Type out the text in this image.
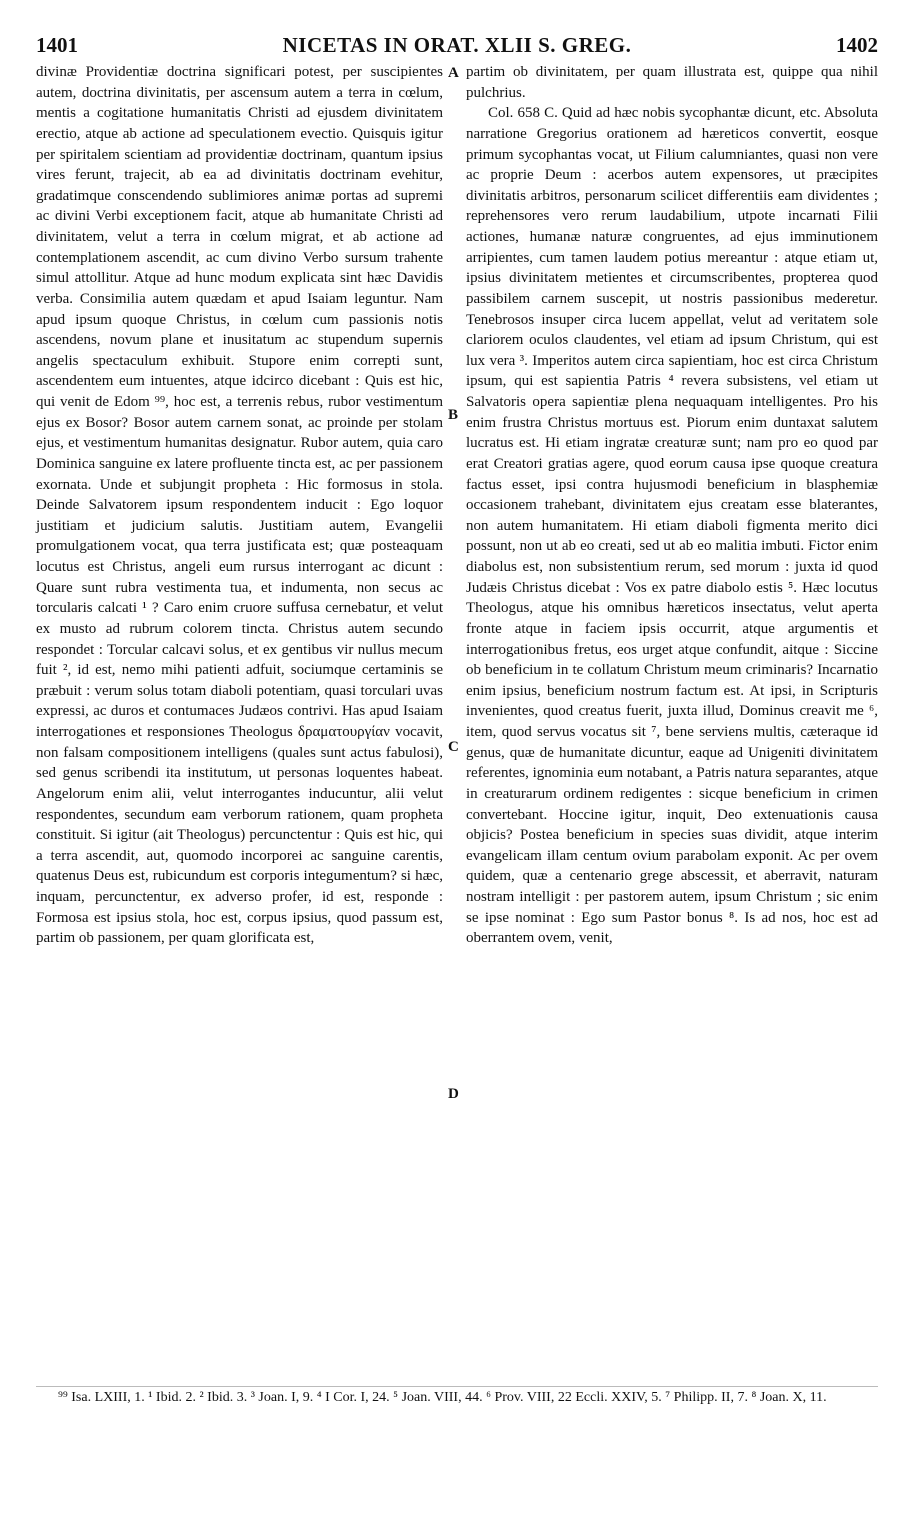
1401	NICETAS IN ORAT. XLII S. GREG.	1402

divinæ Providentiæ doctrina significari potest, per suscipientes autem, doctrina divinitatis, per ascensum autem a terra in cœlum, mentis a cogitatione humanitatis Christi ad ejusdem divinitatem erectio, atque ab actione ad speculationem evectio. Quisquis igitur per spiritalem scientiam ad providentiæ doctrinam, quantum ipsius vires ferunt, trajecit, ab ea ad divinitatis doctrinam evehitur, gradatimque conscendendo sublimiores animæ portas ad supremi ac divini Verbi exceptionem facit, atque ab humanitate Christi ad divinitatem, velut a terra in cœlum migrat, et ab actione ad contemplationem ascendit, ac cum divino Verbo sursum trahente simul attollitur. Atque ad hunc modum explicata sint hæc Davidis verba. Consimilia autem quædam et apud Isaiam leguntur. Nam apud ipsum quoque Christus, in cœlum cum passionis notis ascendens, novum plane et inusitatum ac stupendum supernis angelis spectaculum exhibuit. Stupore enim correpti sunt, ascendentem eum intuentes, atque idcirco dicebant : Quis est hic, qui venit de Edom ⁹⁹, hoc est, a terrenis rebus, rubor vestimentum ejus ex Bosor? Bosor autem carnem sonat, ac proinde per stolam ejus, et vestimentum humanitas designatur. Rubor autem, quia caro Dominica sanguine ex latere profluente tincta est, ac per passionem exornata. Unde et subjungit propheta : Hic formosus in stola. Deinde Salvatorem ipsum respondentem inducit : Ego loquor justitiam et judicium salutis. Justitiam autem, Evangelii promulgationem vocat, qua terra justificata est; quæ posteaquam locutus est Christus, angeli eum rursus interrogant ac dicunt : Quare sunt rubra vestimenta tua, et indumenta, non secus ac torcularis calcati ¹ ? Caro enim cruore suffusa cernebatur, et velut ex musto ad rubrum colorem tincta. Christus autem secundo respondet : Torcular calcavi solus, et ex gentibus vir nullus mecum fuit ², id est, nemo mihi patienti adfuit, sociumque certaminis se præbuit : verum solus totam diaboli potentiam, quasi torculari uvas expressi, ac duros et contumaces Judæos contrivi. Has apud Isaiam interrogationes et responsiones Theologus δραματουργίαν vocavit, non falsam compositionem intelligens (quales sunt actus fabulosi), sed genus scribendi ita institutum, ut personas loquentes habeat. Angelorum enim alii, velut interrogantes inducuntur, alii velut respondentes, secundum eam verborum rationem, quam propheta constituit. Si igitur (ait Theologus) percunctentur : Quis est hic, qui a terra ascendit, aut, quomodo incorporei ac sanguine carentis, quatenus Deus est, rubicundum est corporis integumentum? si hæc, inquam, percunctentur, ex adverso profer, id est, responde : Formosa est ipsius stola, hoc est, corpus ipsius, quod passum est, partim ob passionem, per quam glorificata est,

A
B
C
D

partim ob divinitatem, per quam illustrata est, quippe qua nihil pulchrius.

Col. 658 C. Quid ad hæc nobis sycophantæ dicunt, etc. Absoluta narratione Gregorius orationem ad hæreticos convertit, eosque primum sycophantas vocat, ut Filium calumniantes, quasi non vere ac proprie Deum : acerbos autem expensores, ut præcipites divinitatis arbitros, personarum scilicet differentiis eam dividentes ; reprehensores vero rerum laudabilium, utpote incarnati Filii actiones, humanæ naturæ congruentes, ad ejus imminutionem arripientes, cum tamen laudem potius mereantur : atque etiam ut, ipsius divinitatem metientes et circumscribentes, propterea quod passibilem carnem suscepit, ut nostris passionibus mederetur. Tenebrosos insuper circa lucem appellat, velut ad veritatem sole clariorem oculos claudentes, vel etiam ad ipsum Christum, qui est lux vera ³. Imperitos autem circa sapientiam, hoc est circa Christum ipsum, qui est sapientia Patris ⁴ revera subsistens, vel etiam ut Salvatoris opera sapientiæ plena nequaquam intelligentes. Pro his enim frustra Christus mortuus est. Piorum enim duntaxat salutem lucratus est. Hi etiam ingratæ creaturæ sunt; nam pro eo quod par erat Creatori gratias agere, quod eorum causa ipse quoque creatura factus esset, ipsi contra hujusmodi beneficium in blasphemiæ occasionem trahebant, divinitatem ejus creatam esse blaterantes, non autem humanitatem. Hi etiam diaboli figmenta merito dici possunt, non ut ab eo creati, sed ut ab eo malitia imbuti. Fictor enim diabolus est, non subsistentium rerum, sed morum : juxta id quod Judæis Christus dicebat : Vos ex patre diabolo estis ⁵. Hæc locutus Theologus, atque his omnibus hæreticos insectatus, velut aperta fronte atque in faciem ipsis occurrit, atque argumentis et interrogationibus fretus, eos urget atque confundit, aitque : Siccine ob beneficium in te collatum Christum meum criminaris? Incarnatio enim ipsius, beneficium nostrum factum est. At ipsi, in Scripturis invenientes, quod creatus fuerit, juxta illud, Dominus creavit me ⁶, item, quod servus vocatus sit ⁷, bene serviens multis, cæteraque id genus, quæ de humanitate dicuntur, eaque ad Unigeniti divinitatem referentes, ignominia eum notabant, a Patris natura separantes, atque in creaturarum ordinem redigentes : sicque beneficium in crimen convertebant. Hoccine igitur, inquit, Deo extenuationis causa objicis? Postea beneficium in species suas dividit, atque interim evangelicam illam centum ovium parabolam exponit. Ac per ovem quidem, quæ a centenario grege abscessit, et aberravit, naturam nostram intelligit : per pastorem autem, ipsum Christum ; sic enim se ipse nominat : Ego sum Pastor bonus ⁸. Is ad nos, hoc est ad oberrantem ovem, venit,

⁹⁹ Isa. LXIII, 1. ¹ Ibid. 2. ² Ibid. 3. ³ Joan. I, 9. ⁴ I Cor. I, 24. ⁵ Joan. VIII, 44. ⁶ Prov. VIII, 22 Eccli. XXIV, 5. ⁷ Philipp. II, 7. ⁸ Joan. X, 11.
